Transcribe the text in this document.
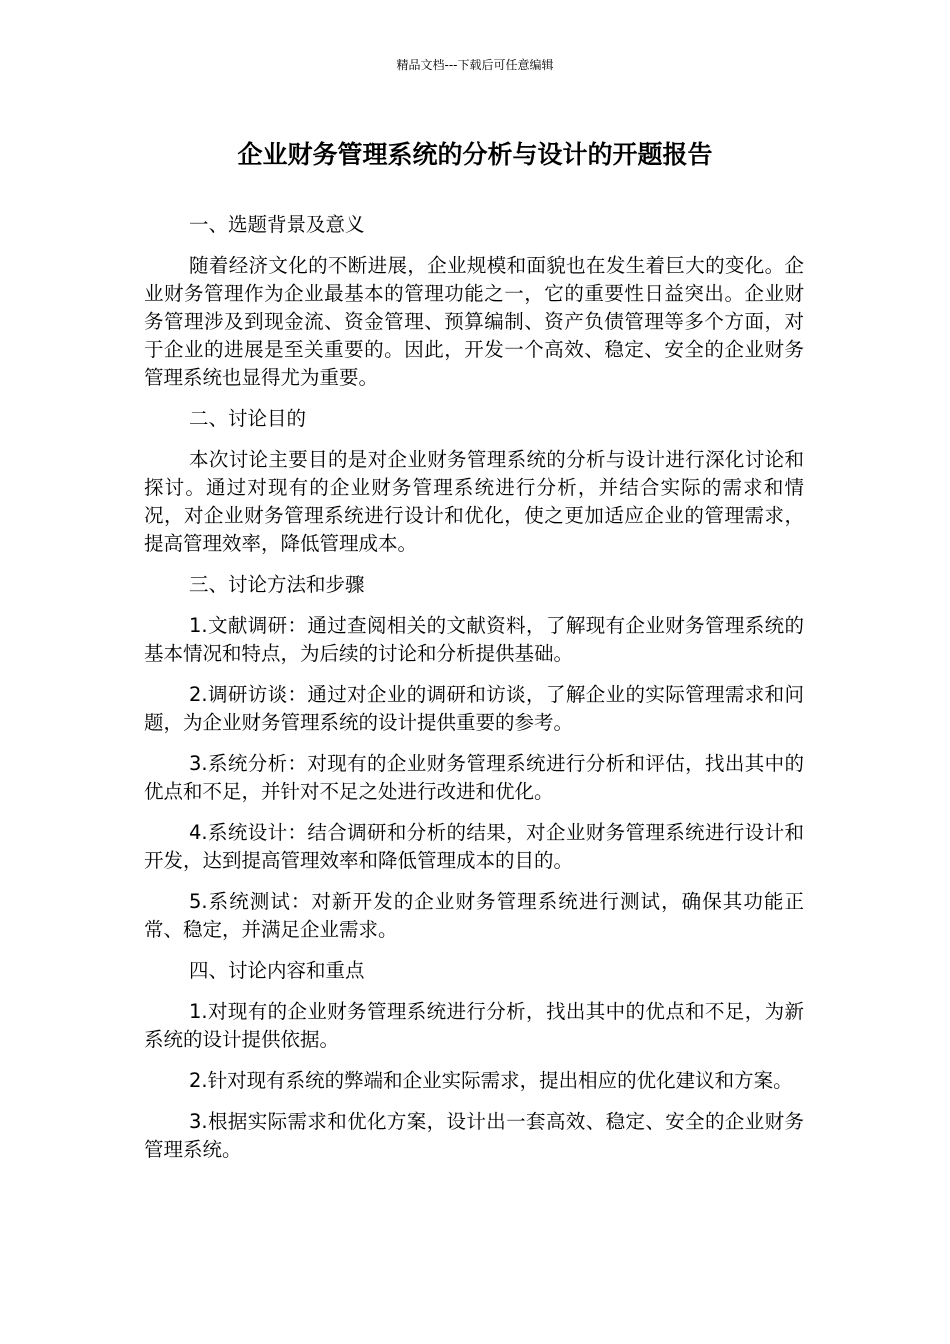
精品文档---下载后可任意编辑
企业财务管理系统的分析与设计的开题报告

一、选题背景及意义

随着经济文化的不断进展，企业规模和面貌也在发生着巨大的变化。企业财务管理作为企业最基本的管理功能之一，它的重要性日益突出。企业财务管理涉及到现金流、资金管理、预算编制、资产负债管理等多个方面，对于企业的进展是至关重要的。因此，开发一个高效、稳定、安全的企业财务管理系统也显得尤为重要。

二、讨论目的

本次讨论主要目的是对企业财务管理系统的分析与设计进行深化讨论和探讨。通过对现有的企业财务管理系统进行分析，并结合实际的需求和情况，对企业财务管理系统进行设计和优化，使之更加适应企业的管理需求，提高管理效率，降低管理成本。

三、讨论方法和步骤

1.文献调研：通过查阅相关的文献资料，了解现有企业财务管理系统的基本情况和特点，为后续的讨论和分析提供基础。

2.调研访谈：通过对企业的调研和访谈，了解企业的实际管理需求和问题，为企业财务管理系统的设计提供重要的参考。

3.系统分析：对现有的企业财务管理系统进行分析和评估，找出其中的优点和不足，并针对不足之处进行改进和优化。

4.系统设计：结合调研和分析的结果，对企业财务管理系统进行设计和开发，达到提高管理效率和降低管理成本的目的。

5.系统测试：对新开发的企业财务管理系统进行测试，确保其功能正常、稳定，并满足企业需求。

四、讨论内容和重点

1.对现有的企业财务管理系统进行分析，找出其中的优点和不足，为新系统的设计提供依据。

2.针对现有系统的弊端和企业实际需求，提出相应的优化建议和方案。

3.根据实际需求和优化方案，设计出一套高效、稳定、安全的企业财务管理系统。
